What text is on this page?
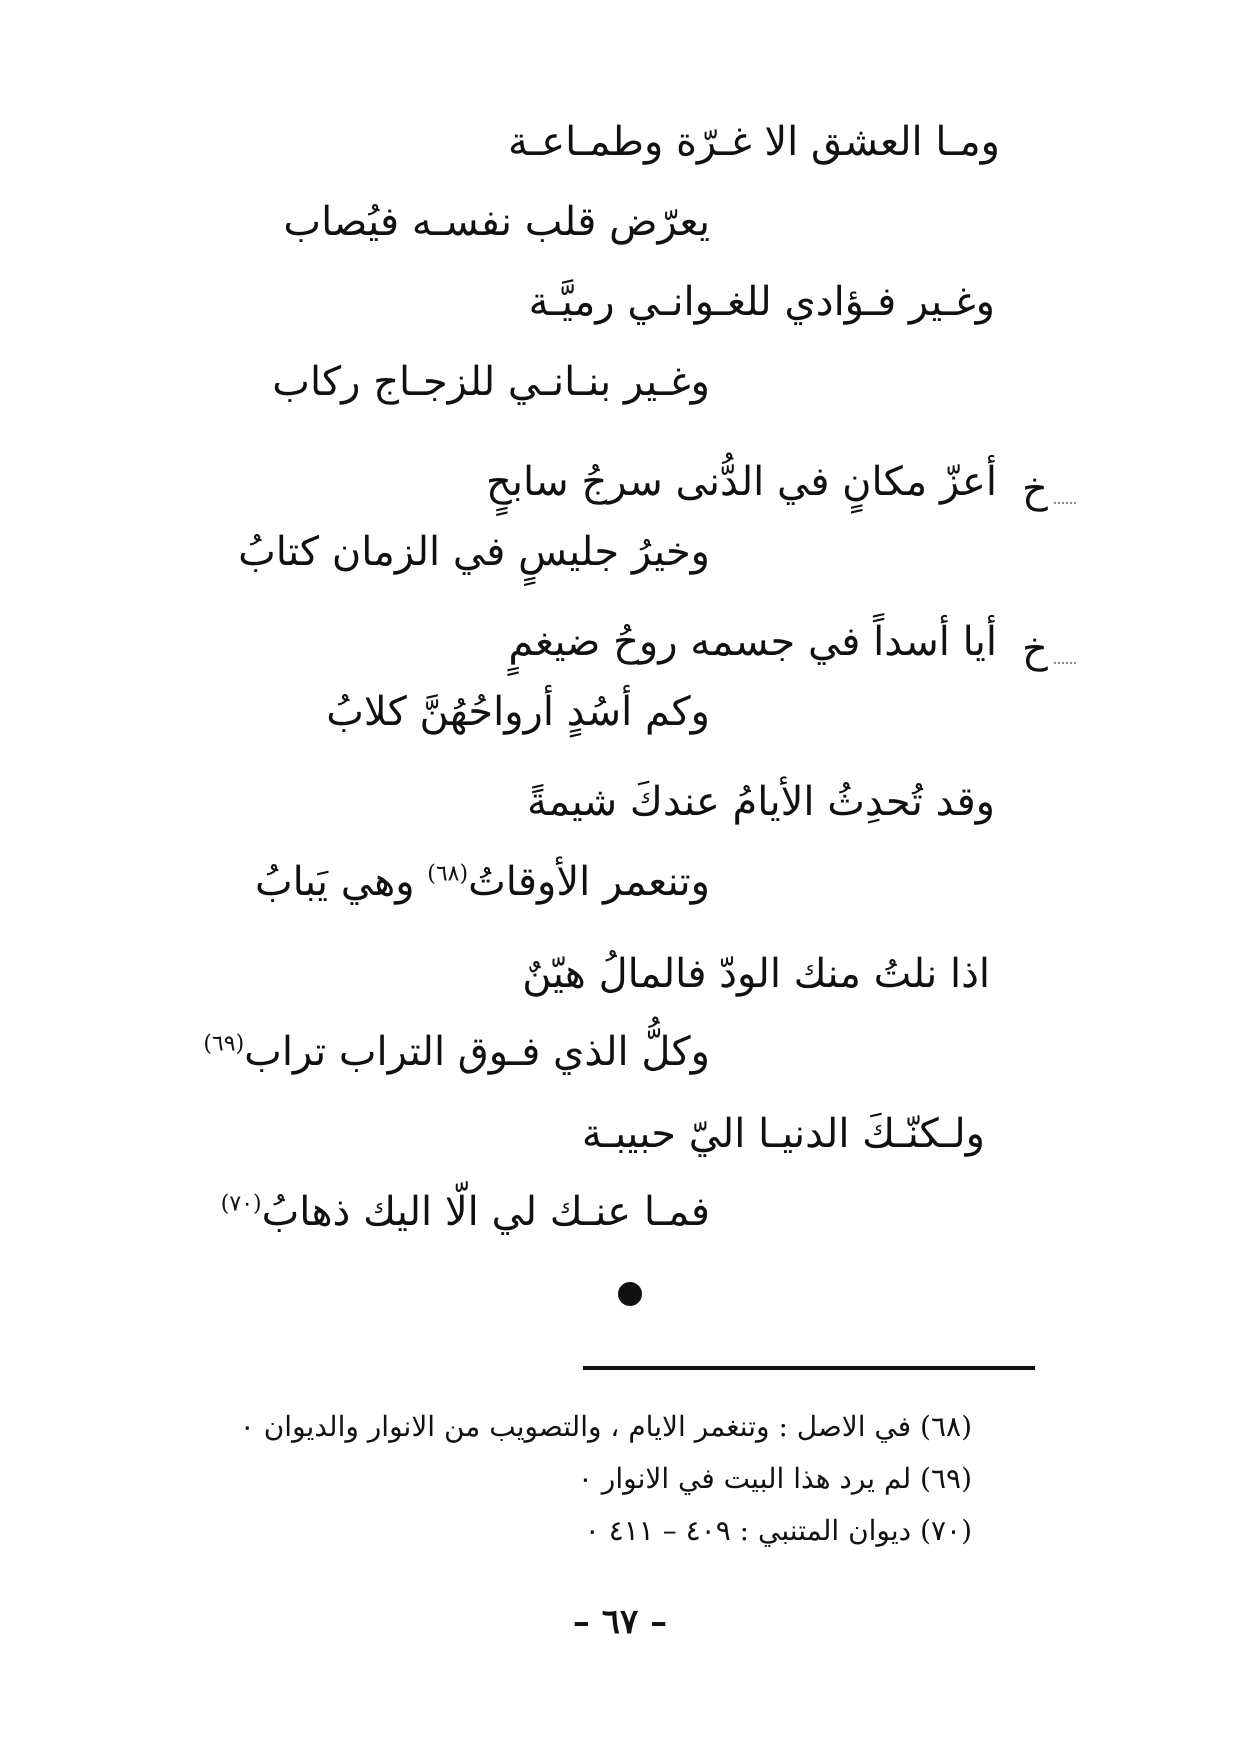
ومـا العشق الا غـرّة وطمـاعـة
يعرّض قلب نفسـه فيُصاب
وغـير فـؤادي للغـوانـي رميَّـة
وغـير بنـانـي للزجـاج ركاب
خ
أعزّ مكانٍ في الدُّنى سرجُ سابحٍ
وخيرُ جليسٍ في الزمان كتابُ
خ
أيا أسداً في جسمه روحُ ضيغمٍ
وكم أسُدٍ أرواحُهُنَّ كلابُ
وقد تُحدِثُ الأيامُ عندكَ شيمةً
وتنعمر الأوقاتُ$^{(٦٨)}$ وهي يَبابُ
اذا نلتُ منك الودّ فالمالُ هيّنٌ
وكلُّ الذي فـوق التراب تراب$^{(٦٩)}$
ولـكنّـكَ الدنيـا اليّ حبيبـة
فمـا عنـك لي الّا اليك ذهابُ$^{(٧٠)}$
(٦٨) في الاصل : وتنغمر الايام ، والتصويب من الانوار والديوان ٠
(٦٩) لم يرد هذا البيت في الانوار ٠
(٧٠) ديوان المتنبي : ٤٠٩ – ٤١١ ٠
– ٦٧ –
